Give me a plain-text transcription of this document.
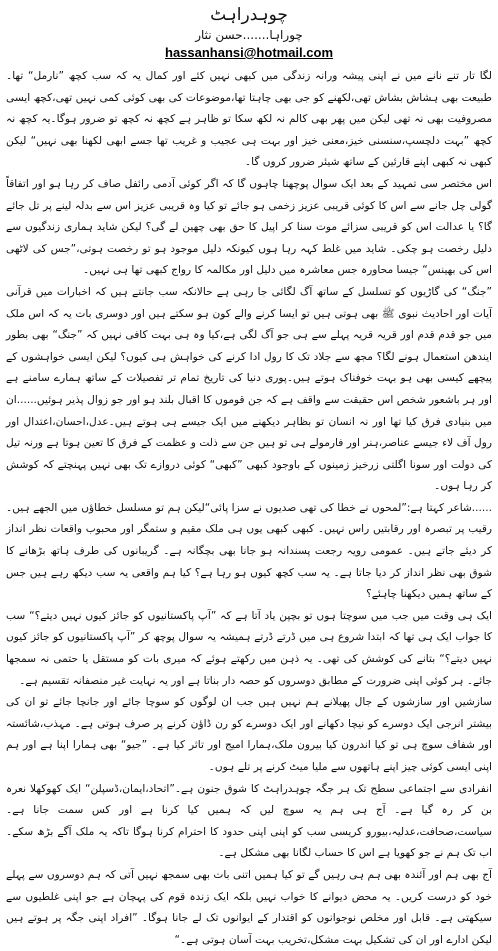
چوہدراہٹ
چوراہا.......حسن نثار
hassanhansi@hotmail.com

لگا تار تنے نانے میں نے اپنی پیشہ ورانہ زندگی میں کبھی نہیں کئے اور کمال یہ کہ سب کچھ ”نارمل“ تھا۔طبیعت بھی ہشاش بشاش تھی،لکھنے کو جی بھی چاہتا تھا،موضوعات کی بھی کوئی کمی نہیں تھی،کچھ ایسی مصروفیت بھی نہ تھی لیکن میں پھر بھی کالم نہ لکھ سکا تو ظاہر ہے کچھ نہ کچھ تو ضرور ہوگا۔یہ کچھ نہ کچھ ”بہت دلچسپ،سنسنی خیز،معنی خیز اور بہت ہی عجیب و غریب تھا جسے ابھی لکھنا بھی نہیں“ لیکن کبھی نہ کبھی اپنے قارئین کے ساتھ شیئر ضرور کروں گا۔

اس مختصر سی تمہید کے بعد ایک سوال پوچھنا چاہوں گا کہ اگر کوئی آدمی رائفل صاف کر رہا ہو اور اتفاقاً گولی چل جانے سے اس کا کوئی قریبی عزیز زخمی ہو جائے تو کیا وہ قریبی عزیز اس سے بدلہ لینے پر تل جائے گا؟ یا عدالت اس کو قریبی سزائے موت سنا کر اپیل کا حق بھی چھین لے گی؟ لیکن شاید ہماری زندگیوں سے دلیل رخصت ہو چکی۔ شاید میں غلط کہہ رہا ہوں کیونکہ دلیل موجود ہو تو رخصت ہوتی،”جس کی لاٹھی اس کی بھینس“ جیسا محاورہ جس معاشرہ میں دلیل اور مکالمہ کا رواج کبھی تھا ہی نہیں۔

”جنگ“ کی گاڑیوں کو تسلسل کے ساتھ آگ لگائی جا رہی ہے حالانکہ سب جانتے ہیں کہ اخبارات میں قرآنی آیات اور احادیث نبوی ﷺ بھی ہوتی ہیں تو ایسا کرنے والے کون ہو سکتے ہیں اور دوسری بات یہ کہ اس ملک میں جو قدم قدم اور قریہ قریہ پہلے سے ہی جو آگ لگی ہے،کیا وہ ہی بہت کافی نہیں کہ ”جنگ“ بھی بطور ایندھن استعمال ہونے لگا؟ مجھ سے جلاد تک کا رول ادا کرنے کی خواہش ہی کیوں؟ لیکن ایسی خواہشوں کے پیچھے کیسی بھی ہو بہت خوفناک ہوتے ہیں۔پوری دنیا کی تاریخ تمام تر تفصیلات کے ساتھ ہمارے سامنے ہے اور ہر باشعور شخص اس حقیقت سے واقف ہے کہ جن قوموں کا اقبال بلند ہو اور جو زوال پذیر ہوئیں......ان میں بنیادی فرق کیا تھا اور نہ انسان تو بظاہر دیکھنے میں ایک جیسے ہی ہوتے ہیں۔عدل،احسان،اعتدال اور رول آف لاء جیسے عناصر،ہنر اور فارمولے ہی تو ہیں جن سے ذلت و عظمت کے فرق کا تعین ہوتا ہے ورنہ تیل کی دولت اور سونا اگلتی زرخیز زمینوں کے باوجود کبھی ”کبھی“ کوئی دروازے تک بھی نہیں پہنچتے کہ کوشش کر رہا ہوں۔

......شاعر کہتا ہے:”لمحوں نے خطا کی تھی صدیوں نے سزا پائی“لیکن ہم تو مسلسل خطاؤں میں الجھے ہیں۔ رقیب پر تبصرہ اور رقابتیں راس نہیں۔ کبھی کبھی یوں ہی ملک مقیم و ستمگر اور محبوب واقعات نظر انداز کر دیئے جاتے ہیں۔ عمومی رویہ رجعت پسندانہ ہو جانا بھی بچگانہ ہے۔ گریبانوں کی طرف ہاتھ بڑھانے کا شوق بھی نظر انداز کر دیا جاتا ہے۔ یہ سب کچھ کیوں ہو رہا ہے؟ کیا ہم واقعی یہ سب دیکھ رہے ہیں جس کے ساتھ ہمیں دیکھنا چاہئے؟

ایک ہی وقت میں جب میں سوچتا ہوں تو بچپن یاد آتا ہے کہ ”آپ پاکستانیوں کو جائز کیوں نہیں دیتے؟“ سب کا جواب ایک ہی تھا کہ ابتدا شروع ہی میں ڈرتے ڈرتے ہمیشہ یہ سوال پوچھ کر ”آپ پاکستانیوں کو جائز کیوں نہیں دیتے؟“ بتانے کی کوشش کی تھی۔ یہ ذہن میں رکھتے ہوئے کہ میری بات کو مستقل یا حتمی نہ سمجھا جائے۔ ہر کوئی اپنی ضرورت کے مطابق دوسروں کو حصہ دار بناتا ہے اور یہ نہایت غیر منصفانہ تقسیم ہے۔

سازشیں اور سازشوں کے جال پھیلانے ہم نہیں ہیں جب ان لوگوں کو سوچا جائے اور جانچا جائے تو ان کی بیشتر انرجی ایک دوسرے کو نیچا دکھانے اور ایک دوسرے کو رن ڈاؤن کرنے پر صرف ہوتی ہے۔ مہذب،شائستہ اور شفاف سوچ ہی تو کیا اندرون کیا بیرون ملک،ہمارا امیج اور تاثر کیا ہے۔ ”جیو“ بھی ہمارا اپنا ہے اور ہم اپنی ایسی کوئی چیز اپنے ہاتھوں سے ملیا میٹ کرنے پر تلے ہوں۔

انفرادی سے اجتماعی سطح تک ہر جگہ چوہدراہٹ کا شوق جنون ہے۔”اتحاد،ایمان،ڈسپلن“ ایک کھوکھلا نعرہ بن کر رہ گیا ہے۔ آج ہی ہم یہ سوچ لیں کہ ہمیں کیا کرنا ہے اور کس سمت جانا ہے۔ سیاست،صحافت،عدلیہ،بیورو کریسی سب کو اپنی اپنی حدود کا احترام کرنا ہوگا تاکہ یہ ملک آگے بڑھ سکے۔ اب تک ہم نے جو کھویا ہے اس کا حساب لگانا بھی مشکل ہے۔

آج بھی ہم اور آئندہ بھی ہم ہی رہیں گے تو کیا ہمیں اتنی بات بھی سمجھ نہیں آتی کہ ہم دوسروں سے پہلے خود کو درست کریں۔ یہ محض دیوانے کا خواب نہیں بلکہ ایک زندہ قوم کی پہچان ہے جو اپنی غلطیوں سے سیکھتی ہے۔ قابل اور مخلص نوجوانوں کو اقتدار کے ایوانوں تک لے جانا ہوگا۔ ”افراد اپنی جگہ پر ہوتے ہیں لیکن ادارے اور ان کی تشکیل بہت مشکل،تخریب بہت آسان ہوتی ہے۔“
